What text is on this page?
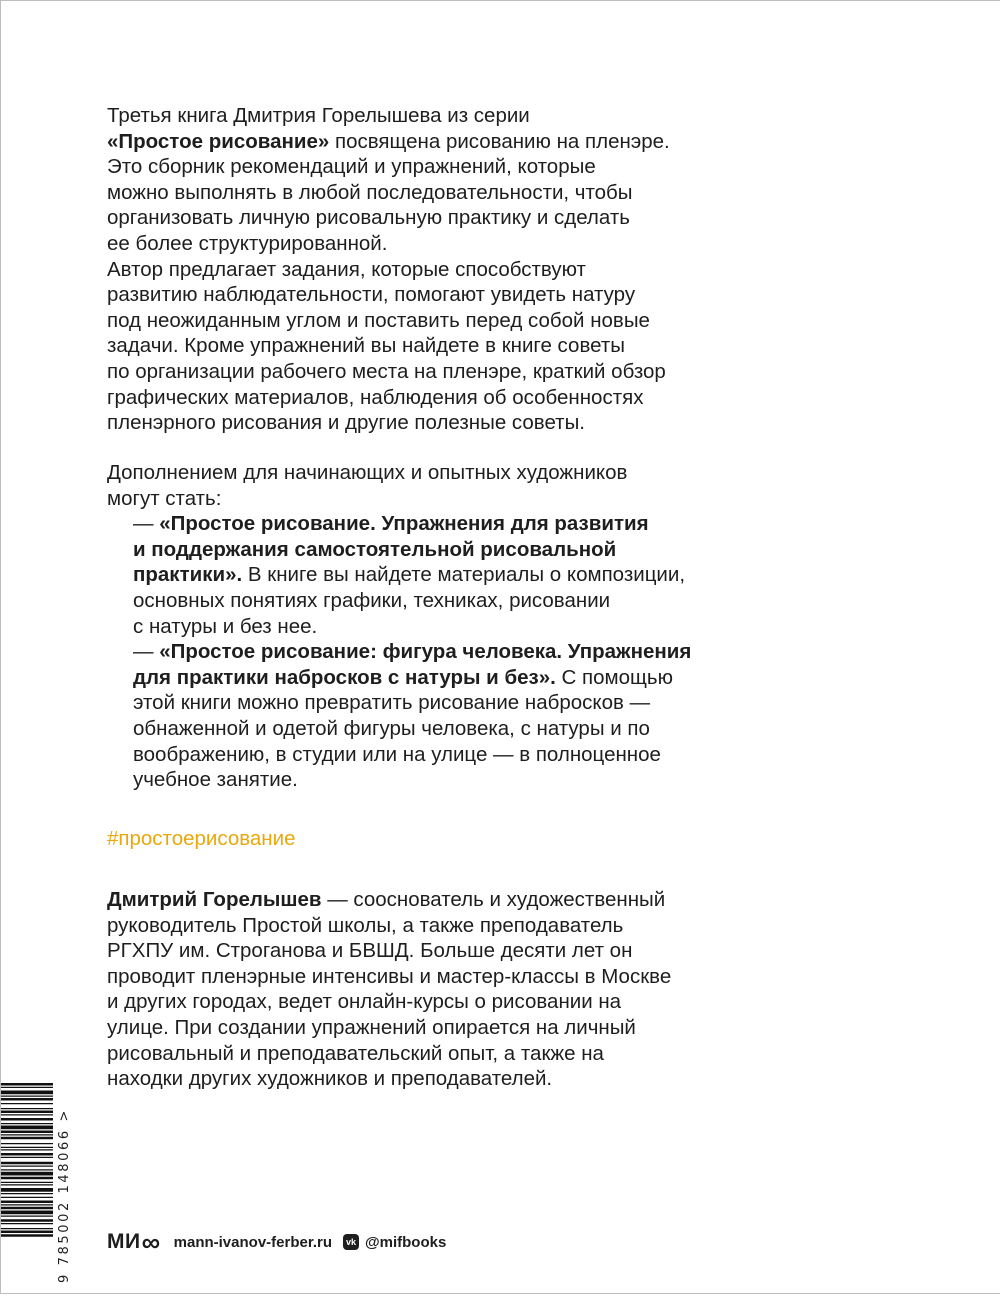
Третья книга Дмитрия Горелышева из серии
«Простое рисование» посвящена рисованию на пленэре.
Это сборник рекомендаций и упражнений, которые
можно выполнять в любой последовательности, чтобы
организовать личную рисовальную практику и сделать
ее более структурированной.
Автор предлагает задания, которые способствуют
развитию наблюдательности, помогают увидеть натуру
под неожиданным углом и поставить перед собой новые
задачи. Кроме упражнений вы найдете в книге советы
по организации рабочего места на пленэре, краткий обзор
графических материалов, наблюдения об особенностях
пленэрного рисования и другие полезные советы.
Дополнением для начинающих и опытных художников
могут стать:
— «Простое рисование. Упражнения для развития
и поддержания самостоятельной рисовальной
практики». В книге вы найдете материалы о композиции,
основных понятиях графики, техниках, рисовании
с натуры и без нее.
— «Простое рисование: фигура человека. Упражнения
для практики набросков с натуры и без». С помощью
этой книги можно превратить рисование набросков —
обнаженной и одетой фигуры человека, с натуры и по
воображению, в студии или на улице — в полноценное
учебное занятие.
#простоерисование
Дмитрий Горелышев — сооснователь и художественный
руководитель Простой школы, а также преподаватель
РГХПУ им. Строганова и БВШД. Больше десяти лет он
проводит пленэрные интенсивы и мастер-классы в Москве
и других городах, ведет онлайн-курсы о рисовании на
улице. При создании упражнений опирается на личный
рисовальный и преподавательский опыт, а также на
находки других художников и преподавателей.
9 785002 148066 > МИ ∞ mann-ivanov-ferber.ru	vk @mifbooks
